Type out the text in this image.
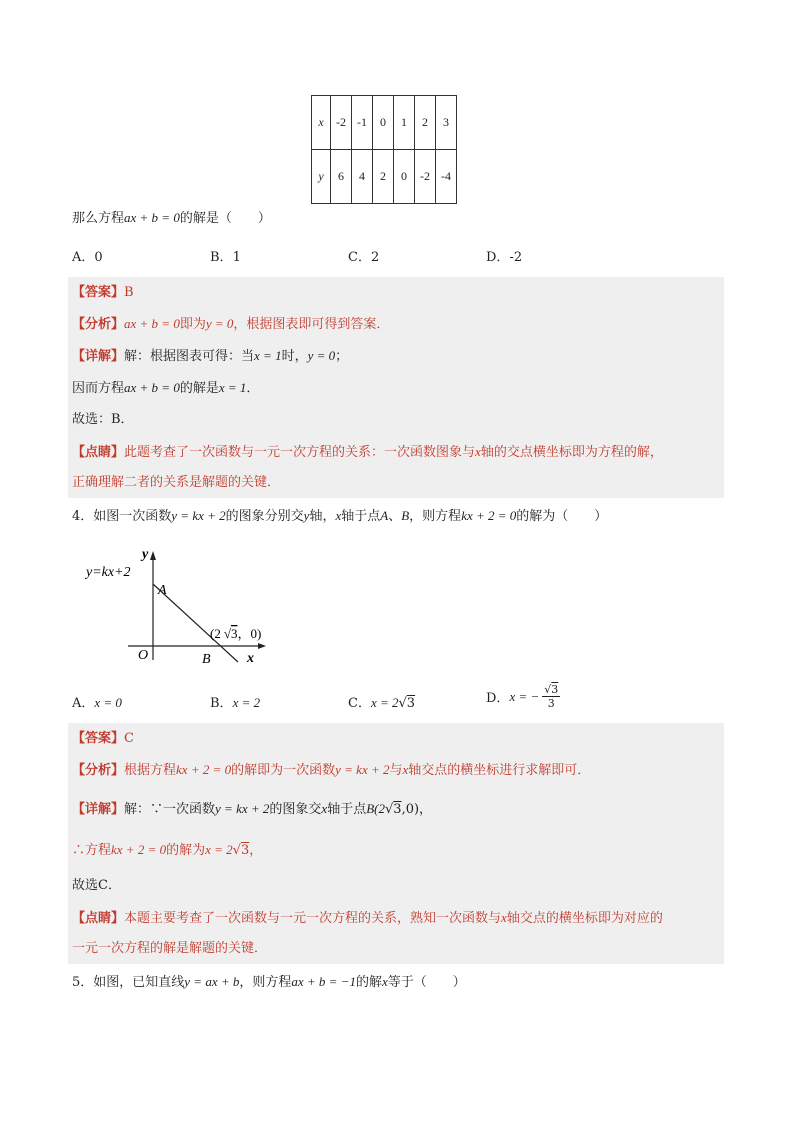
x	-2	-1	0	1	2	3
y	6	4	2	0	-2	-4
那么方程ax + b = 0的解是（　　）
A．0	B．1	C．2	D．-2
【答案】B
【分析】ax + b = 0即为y = 0，根据图表即可得到答案．
【详解】解：根据图表可得：当x = 1时，y = 0；
因而方程ax + b = 0的解是x = 1．
故选：B．
【点睛】此题考查了一次函数与一元一次方程的关系：一次函数图象与x轴的交点横坐标即为方程的解，
正确理解二者的关系是解题的关键．
4．如图一次函数y = kx + 2的图象分别交y轴，x轴于点A、B，则方程kx + 2 = 0的解为（　　）
y=kx+2
y
x
O
A
B
(2 √3，0)
A．x = 0	B．x = 2	C．x = 2√3	D． x = − $\frac{√3}{3}$
【答案】C
【分析】根据方程kx + 2 = 0的解即为一次函数y = kx + 2与x轴交点的横坐标进行求解即可．
【详解】解：∵一次函数y = kx + 2的图象交x轴于点B(2√3,0)，
∴方程kx + 2 = 0的解为x = 2√3，
故选C．
【点睛】本题主要考查了一次函数与一元一次方程的关系，熟知一次函数与x轴交点的横坐标即为对应的
一元一次方程的解是解题的关键．
5．如图，已知直线y = ax + b，则方程ax + b = −1的解x等于（　　）
